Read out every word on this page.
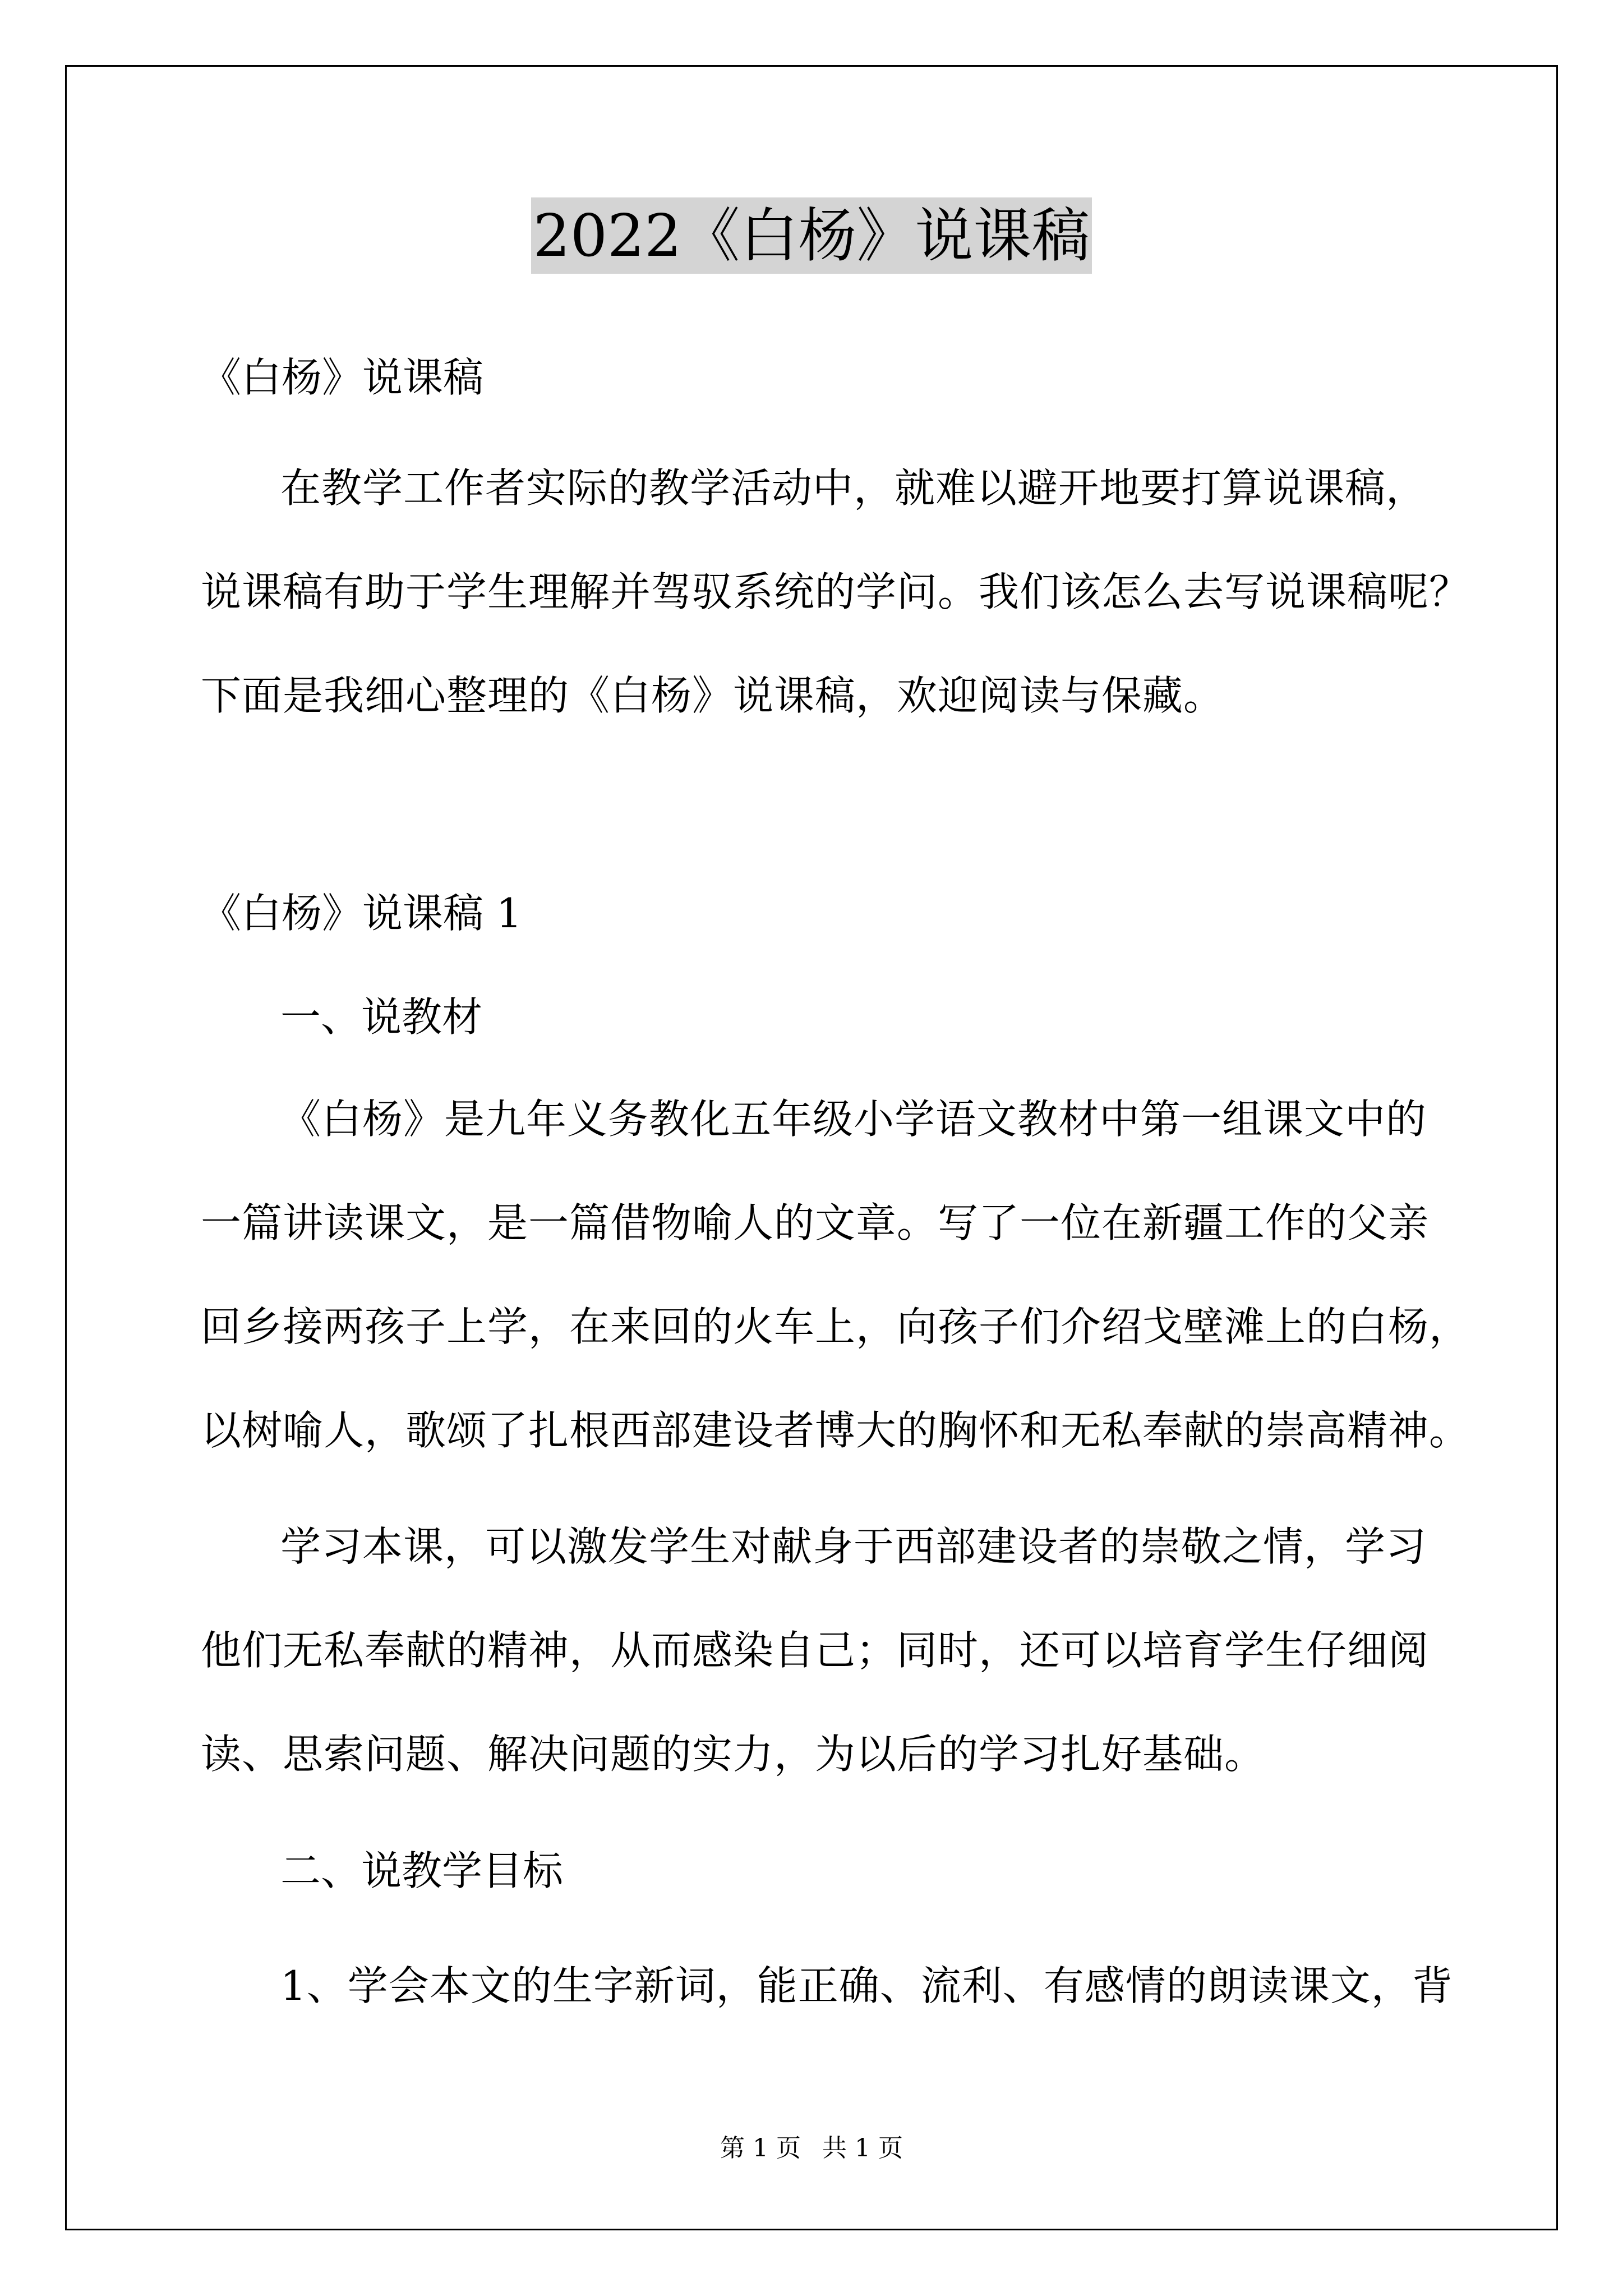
2022《白杨》说课稿
《白杨》说课稿
在教学工作者实际的教学活动中，就难以避开地要打算说课稿，
说课稿有助于学生理解并驾驭系统的学问。我们该怎么去写说课稿呢？
下面是我细心整理的《白杨》说课稿，欢迎阅读与保藏。
《白杨》说课稿 1
一、说教材
《白杨》是九年义务教化五年级小学语文教材中第一组课文中的
一篇讲读课文，是一篇借物喻人的文章。写了一位在新疆工作的父亲
回乡接两孩子上学，在来回的火车上，向孩子们介绍戈壁滩上的白杨，
以树喻人，歌颂了扎根西部建设者博大的胸怀和无私奉献的崇高精神。
学习本课，可以激发学生对献身于西部建设者的崇敬之情，学习
他们无私奉献的精神，从而感染自己；同时，还可以培育学生仔细阅
读、思索问题、解决问题的实力，为以后的学习扎好基础。
二、说教学目标
1、学会本文的生字新词，能正确、流利、有感情的朗读课文，背
第 1 页 共 1 页
